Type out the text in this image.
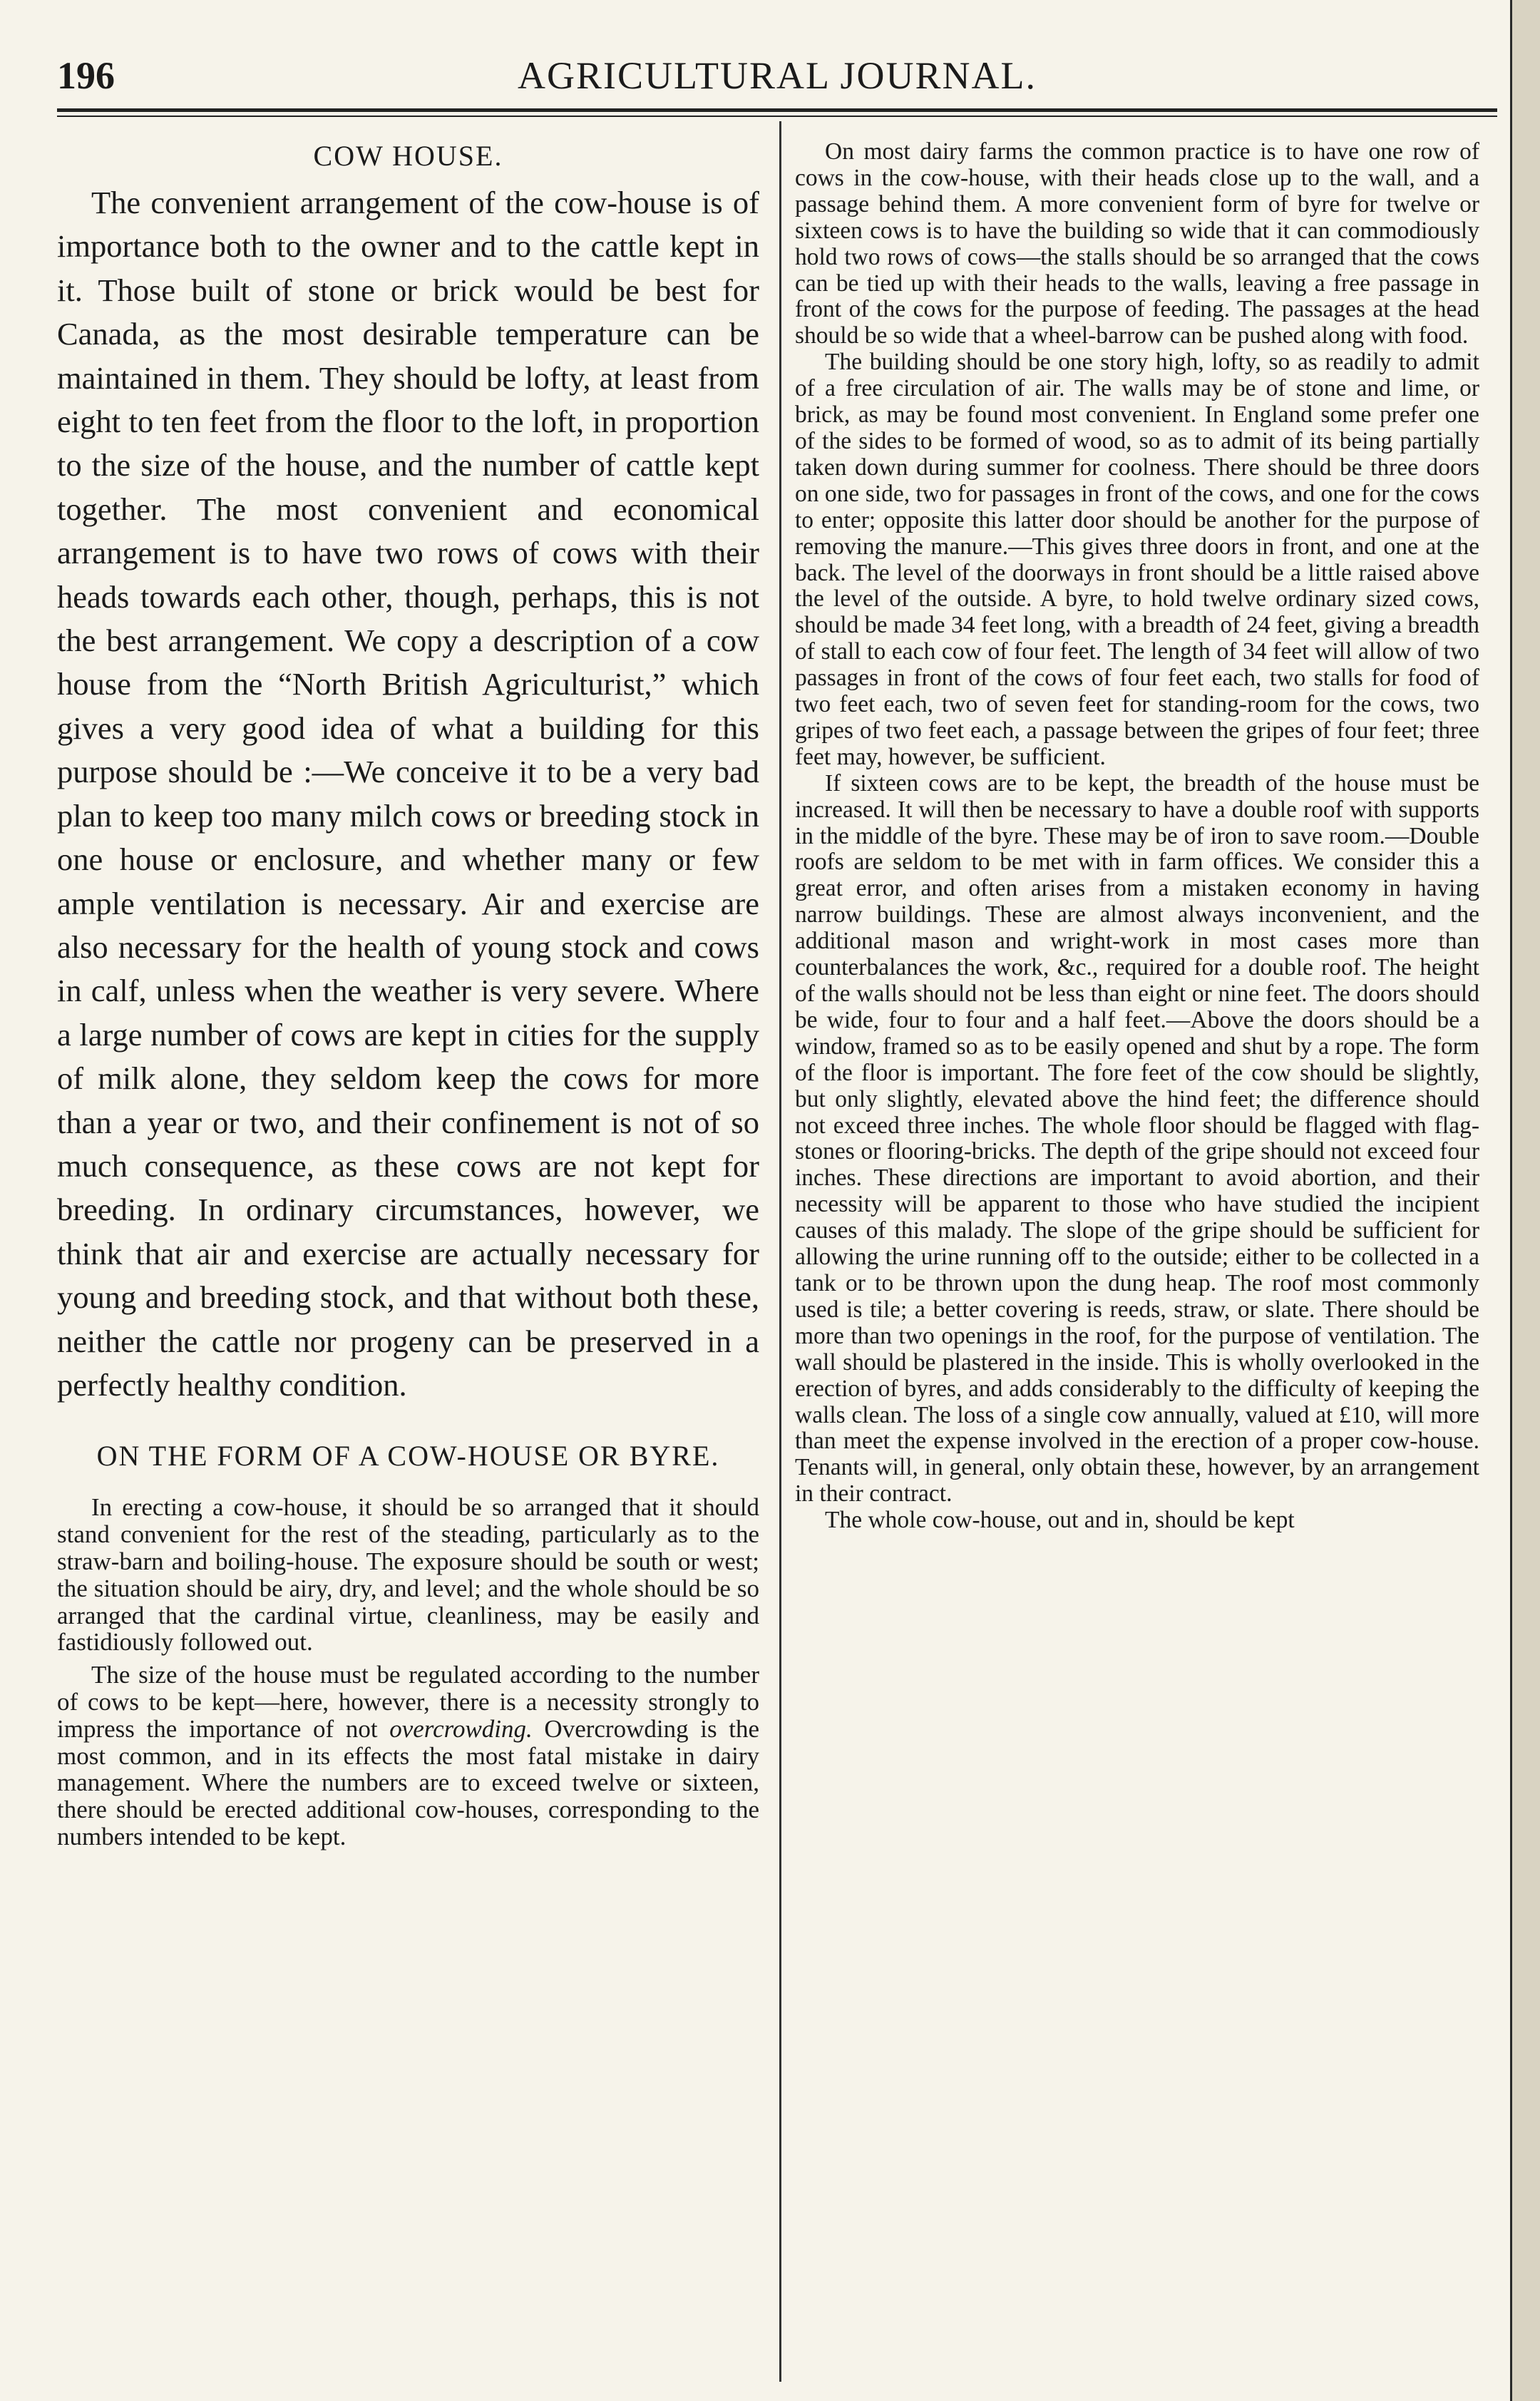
196	AGRICULTURAL JOURNAL.
COW HOUSE.

The convenient arrangement of the cow-house is of importance both to the owner and to the cattle kept in it. Those built of stone or brick would be best for Canada, as the most desirable temperature can be maintained in them. They should be lofty, at least from eight to ten feet from the floor to the loft, in proportion to the size of the house, and the number of cattle kept together. The most convenient and economical arrangement is to have two rows of cows with their heads towards each other, though, perhaps, this is not the best arrangement. We copy a description of a cow house from the “North British Agriculturist,” which gives a very good idea of what a building for this purpose should be :—We conceive it to be a very bad plan to keep too many milch cows or breeding stock in one house or enclosure, and whether many or few ample ventilation is necessary. Air and exercise are also necessary for the health of young stock and cows in calf, unless when the weather is very severe. Where a large number of cows are kept in cities for the supply of milk alone, they seldom keep the cows for more than a year or two, and their confinement is not of so much consequence, as these cows are not kept for breeding. In ordinary circumstances, however, we think that air and exercise are actually necessary for young and breeding stock, and that without both these, neither the cattle nor progeny can be preserved in a perfectly healthy condition.

ON THE FORM OF A COW-HOUSE OR BYRE.

In erecting a cow-house, it should be so arranged that it should stand convenient for the rest of the steading, particularly as to the straw-barn and boiling-house. The exposure should be south or west; the situation should be airy, dry, and level; and the whole should be so arranged that the cardinal virtue, cleanliness, may be easily and fastidiously followed out.

The size of the house must be regulated according to the number of cows to be kept—here, however, there is a necessity strongly to impress the importance of not overcrowding. Overcrowding is the most common, and in its effects the most fatal mistake in dairy management. Where the numbers are to exceed twelve or sixteen, there should be erected additional cow-houses, corresponding to the numbers intended to be kept.

On most dairy farms the common practice is to have one row of cows in the cow-house, with their heads close up to the wall, and a passage behind them. A more convenient form of byre for twelve or sixteen cows is to have the building so wide that it can commodiously hold two rows of cows—the stalls should be so arranged that the cows can be tied up with their heads to the walls, leaving a free passage in front of the cows for the purpose of feeding. The passages at the head should be so wide that a wheel-barrow can be pushed along with food.

The building should be one story high, lofty, so as readily to admit of a free circulation of air. The walls may be of stone and lime, or brick, as may be found most convenient. In England some prefer one of the sides to be formed of wood, so as to admit of its being partially taken down during summer for coolness. There should be three doors on one side, two for passages in front of the cows, and one for the cows to enter; opposite this latter door should be another for the purpose of removing the manure.—This gives three doors in front, and one at the back. The level of the doorways in front should be a little raised above the level of the outside. A byre, to hold twelve ordinary sized cows, should be made 34 feet long, with a breadth of 24 feet, giving a breadth of stall to each cow of four feet. The length of 34 feet will allow of two passages in front of the cows of four feet each, two stalls for food of two feet each, two of seven feet for standing-room for the cows, two gripes of two feet each, a passage between the gripes of four feet; three feet may, however, be sufficient.

If sixteen cows are to be kept, the breadth of the house must be increased. It will then be necessary to have a double roof with supports in the middle of the byre. These may be of iron to save room.—Double roofs are seldom to be met with in farm offices. We consider this a great error, and often arises from a mistaken economy in having narrow buildings. These are almost always inconvenient, and the additional mason and wright-work in most cases more than counterbalances the work, &c., required for a double roof. The height of the walls should not be less than eight or nine feet. The doors should be wide, four to four and a half feet.—Above the doors should be a window, framed so as to be easily opened and shut by a rope. The form of the floor is important. The fore feet of the cow should be slightly, but only slightly, elevated above the hind feet; the difference should not exceed three inches. The whole floor should be flagged with flag-stones or flooring-bricks. The depth of the gripe should not exceed four inches. These directions are important to avoid abortion, and their necessity will be apparent to those who have studied the incipient causes of this malady. The slope of the gripe should be sufficient for allowing the urine running off to the outside; either to be collected in a tank or to be thrown upon the dung heap. The roof most commonly used is tile; a better covering is reeds, straw, or slate. There should be more than two openings in the roof, for the purpose of ventilation. The wall should be plastered in the inside. This is wholly overlooked in the erection of byres, and adds considerably to the difficulty of keeping the walls clean. The loss of a single cow annually, valued at £10, will more than meet the expense involved in the erection of a proper cow-house. Tenants will, in general, only obtain these, however, by an arrangement in their contract.

The whole cow-house, out and in, should be kept
